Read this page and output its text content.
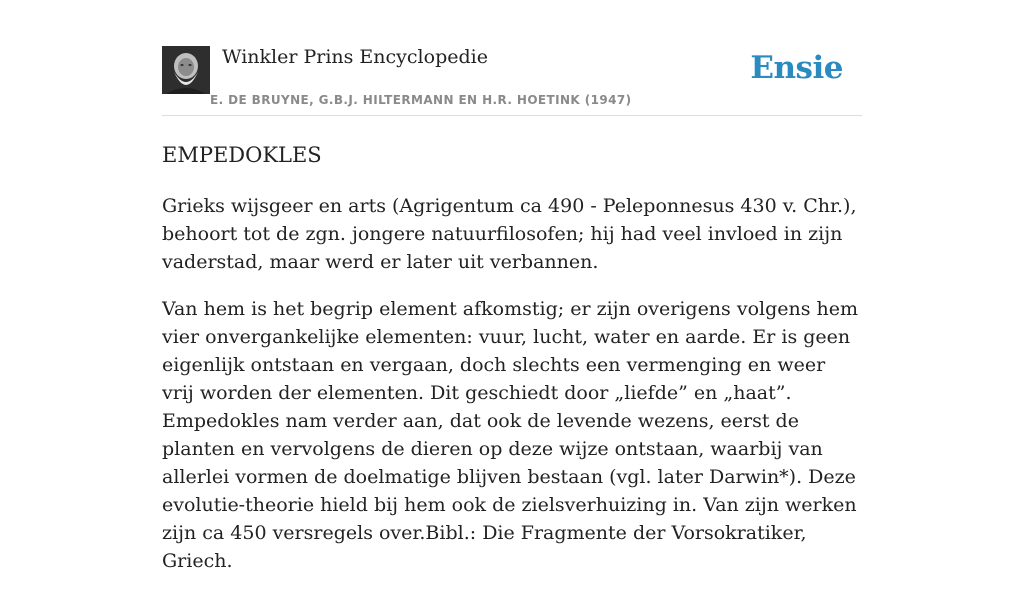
Winkler Prins Encyclopedie
E. DE BRUYNE, G.B.J. HILTERMANN EN H.R. HOETINK (1947)
Ensie
EMPEDOKLES

Grieks wijsgeer en arts (Agrigentum ca 490 - Peleponnesus 430 v. Chr.), behoort tot de zgn. jongere natuurfilosofen; hij had veel invloed in zijn vaderstad, maar werd er later uit verbannen.

Van hem is het begrip element afkomstig; er zijn overigens volgens hem vier onvergankelijke elementen: vuur, lucht, water en aarde. Er is geen eigenlijk ontstaan en vergaan, doch slechts een vermenging en weer vrij worden der elementen. Dit geschiedt door „liefde” en „haat”. Empedokles nam verder aan, dat ook de levende wezens, eerst de planten en vervolgens de dieren op deze wijze ontstaan, waarbij van allerlei vormen de doelmatige blijven bestaan (vgl. later Darwin*). Deze evolutie-theorie hield bij hem ook de zielsverhuizing in. Van zijn werken zijn ca 450 versregels over.Bibl.: Die Fragmente der Vorsokratiker, Griech.
